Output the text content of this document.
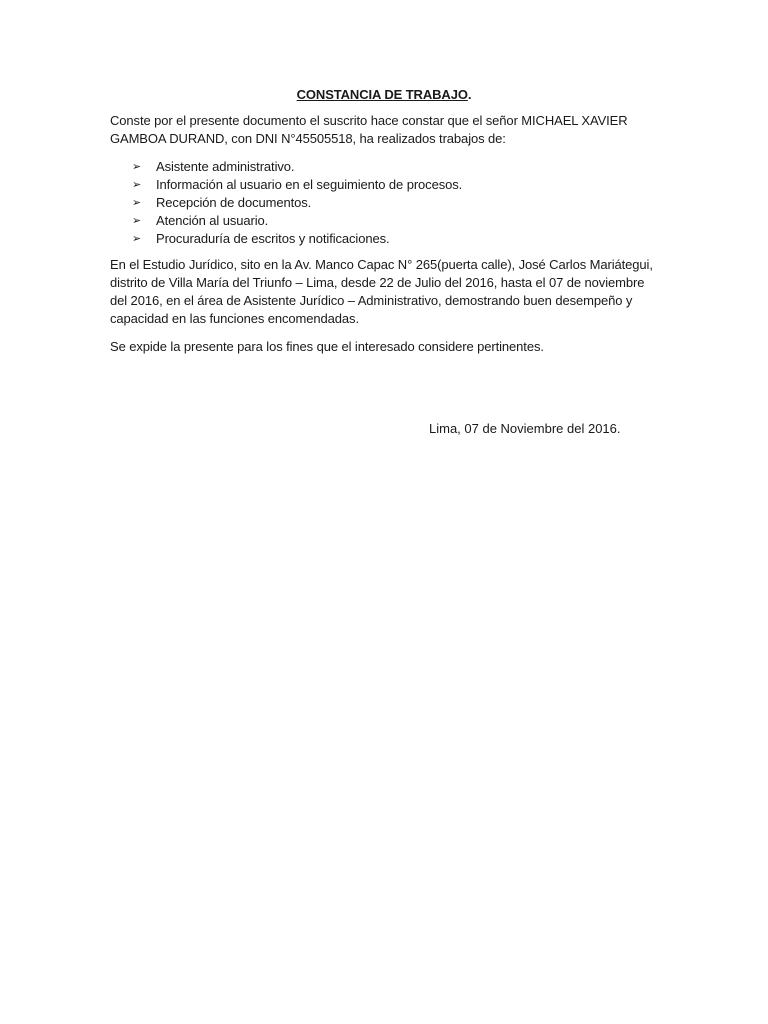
CONSTANCIA DE TRABAJO.

Conste por el presente documento el suscrito hace constar que el señor MICHAEL XAVIER GAMBOA DURAND, con DNI N°45505518, ha realizados trabajos de:

➢	Asistente administrativo.
➢	Información al usuario en el seguimiento de procesos.
➢	Recepción de documentos.
➢	Atención al usuario.
➢	Procuraduría de escritos y notificaciones.

En el Estudio Jurídico, sito en la Av. Manco Capac N° 265(puerta calle), José Carlos Mariátegui, distrito de Villa María del Triunfo – Lima, desde 22 de Julio del 2016, hasta el 07 de noviembre del 2016, en el área de Asistente Jurídico – Administrativo, demostrando buen desempeño y capacidad en las funciones encomendadas.

Se expide la presente para los fines que el interesado considere pertinentes.

Lima, 07 de Noviembre del 2016.
